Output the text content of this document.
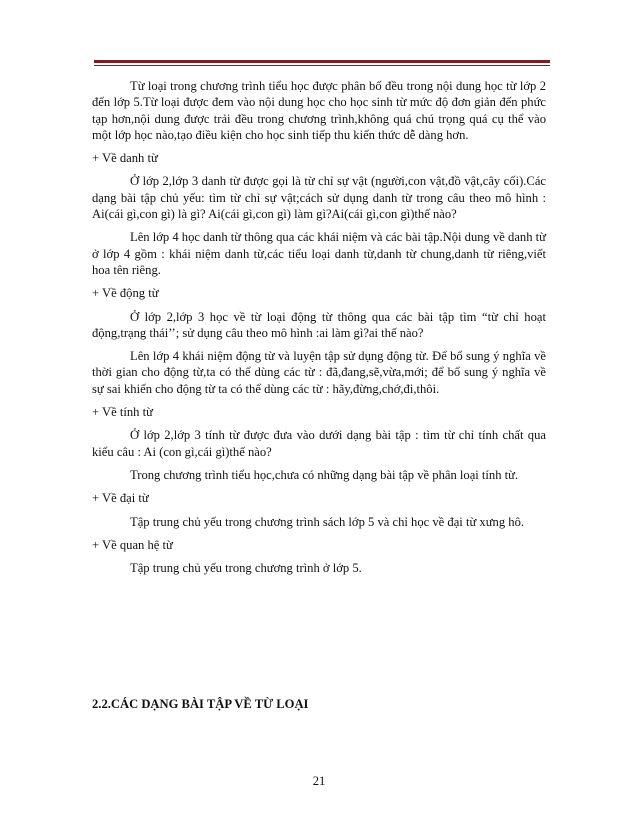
Từ loại trong chương trình tiểu học được phân bố đều trong nội dung học từ lớp 2 đến lớp 5.Từ loại được đem vào nội dung học cho học sinh từ mức độ đơn giản đến phức tạp hơn,nội dung được trải đều trong chương trình,không quá chú trọng quá cụ thể vào một lớp học nào,tạo điều kiện cho học sinh tiếp thu kiến thức dễ dàng hơn.

+ Về danh từ

Ở lớp 2,lớp 3 danh từ được gọi là từ chỉ sự vật (người,con vật,đồ vật,cây cối).Các dạng bài tập chủ yếu: tìm từ chỉ sự vật;cách sử dụng danh từ trong câu theo mô hình : Ai(cái gì,con gì) là gì? Ai(cái gì,con gì) làm gì?Ai(cái gì,con gì)thế nào?

Lên lớp 4 học danh từ thông qua các khái niệm và các bài tập.Nội dung về danh từ ở lớp 4 gồm : khái niệm danh từ,các tiểu loại danh từ,danh từ chung,danh từ riêng,viết hoa tên riêng.

+ Về động từ

Ở lớp 2,lớp 3 học về từ loại động từ thông qua các bài tập tìm “từ chỉ hoạt động,trạng thái’’; sử dụng câu theo mô hình :ai làm gì?ai thế nào?

Lên lớp 4 khái niệm động từ và luyện tập sử dụng động từ. Để bổ sung ý nghĩa về thời gian cho động từ,ta có thể dùng các từ : đã,đang,sẽ,vừa,mới; để bổ sung ý nghĩa về sự sai khiến cho động từ ta có thể dùng các từ : hãy,đừng,chớ,đi,thôi.

+ Về tính từ

Ở lớp 2,lớp 3 tính từ được đưa vào dưới dạng bài tập : tìm từ chỉ tính chất qua kiểu câu : Ai (con gì,cái gì)thế nào?

Trong chương trình tiểu học,chưa có những dạng bài tập về phân loại tính từ.

+ Về đại từ

Tập trung chủ yếu trong chương trình sách lớp 5 và chỉ học về đại từ xưng hô.

+ Về quan hệ từ

Tập trung chủ yếu trong chương trình ở lớp 5.

2.2.CÁC DẠNG BÀI TẬP VỀ TỪ LOẠI
21
